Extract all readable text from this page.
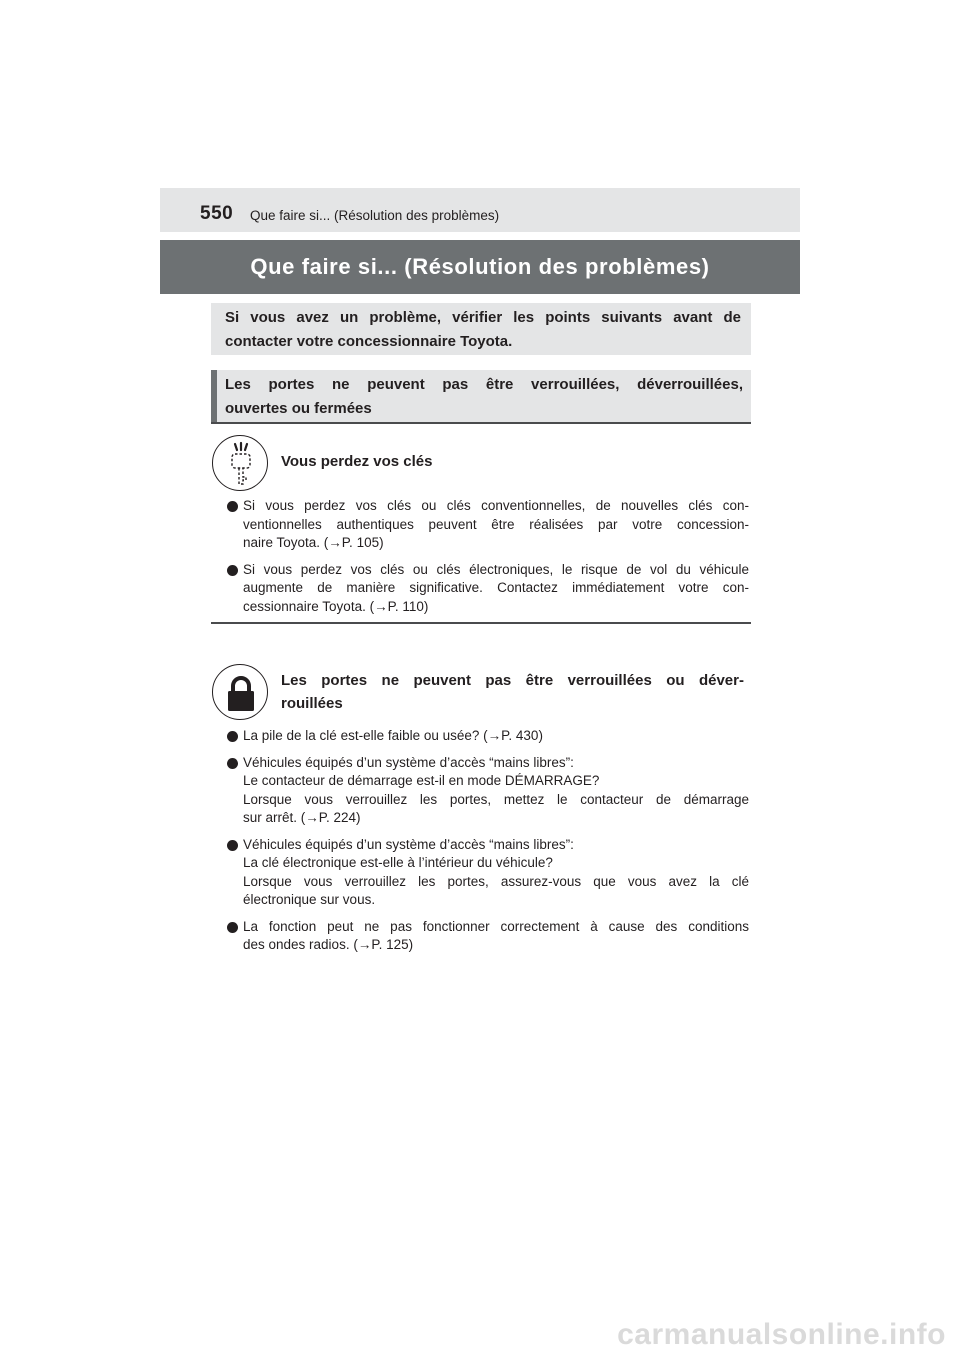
550 Que faire si... (Résolution des problèmes)
Que faire si... (Résolution des problèmes)
Si vous avez un problème, vérifier les points suivants avant de
contacter votre concessionnaire Toyota.
Les portes ne peuvent pas être verrouillées, déverrouillées,
ouvertes ou fermées
Vous perdez vos clés
Si vous perdez vos clés ou clés conventionnelles, de nouvelles clés con-
ventionnelles authentiques peuvent être réalisées par votre concession-
naire Toyota. (→P. 105)
Si vous perdez vos clés ou clés électroniques, le risque de vol du véhicule
augmente de manière significative. Contactez immédiatement votre con-
cessionnaire Toyota. (→P. 110)
Les portes ne peuvent pas être verrouillées ou déver-
rouillées
La pile de la clé est-elle faible ou usée? (→P. 430)
Véhicules équipés d’un système d’accès “mains libres”:
Le contacteur de démarrage est-il en mode DÉMARRAGE?
Lorsque vous verrouillez les portes, mettez le contacteur de démarrage
sur arrêt. (→P. 224)
Véhicules équipés d’un système d’accès “mains libres”:
La clé électronique est-elle à l’intérieur du véhicule?
Lorsque vous verrouillez les portes, assurez-vous que vous avez la clé
électronique sur vous.
La fonction peut ne pas fonctionner correctement à cause des conditions
des ondes radios. (→P. 125)
carmanualsonline.info
